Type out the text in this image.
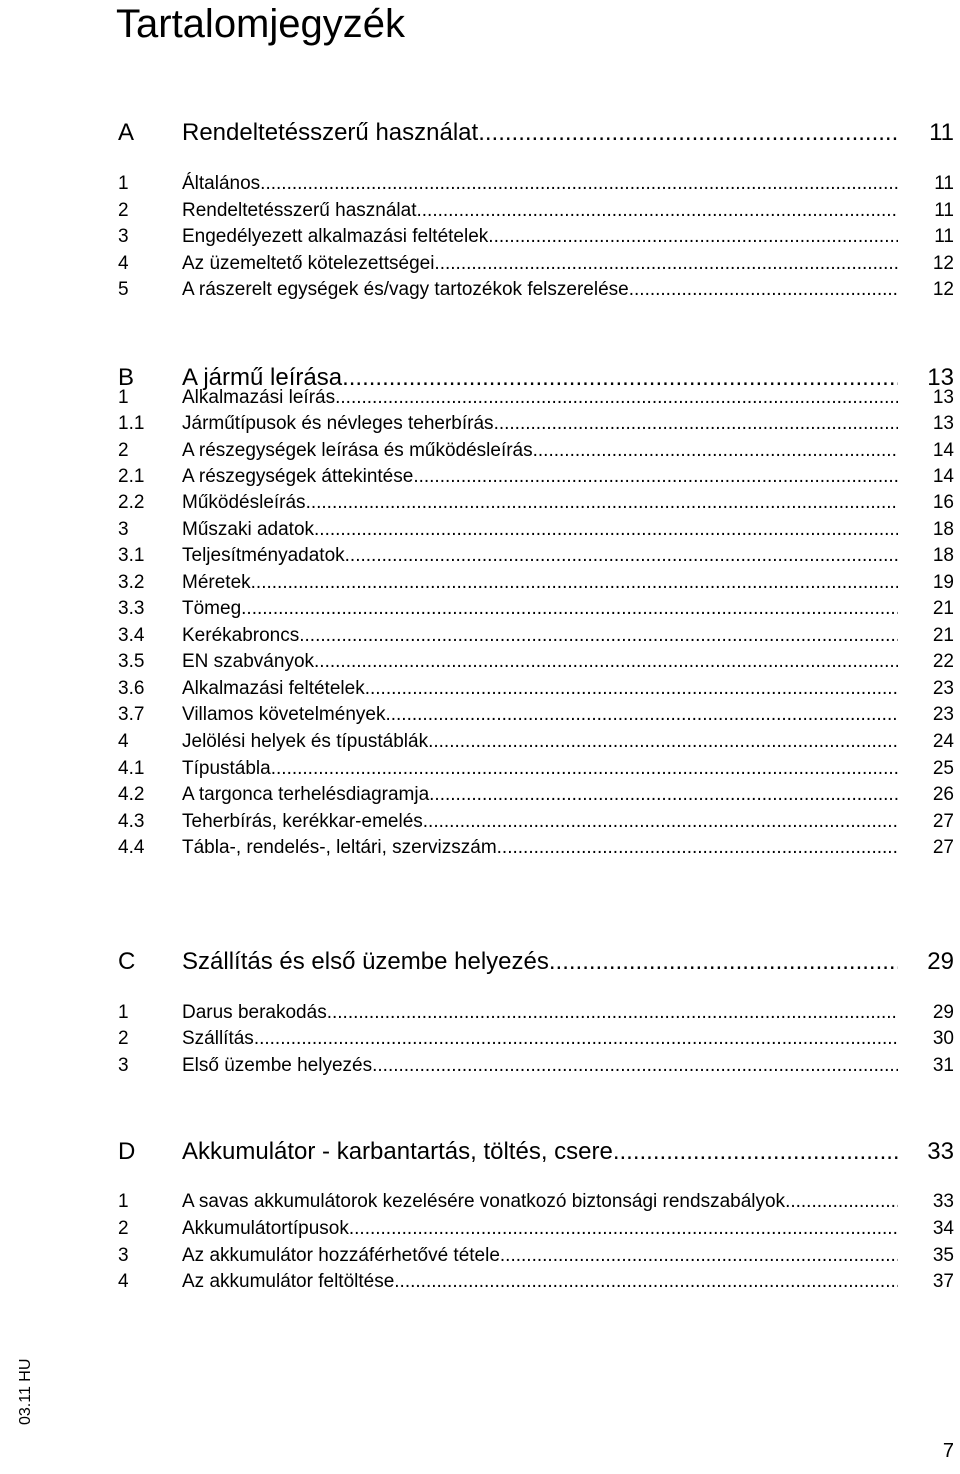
Tartalomjegyzék
A	Rendeltetésszerű használat .....	11
1	Általános .....	11
2	Rendeltetésszerű használat .....	11
3	Engedélyezett alkalmazási feltételek .....	11
4	Az üzemeltető kötelezettségei .....	12
5	A rászerelt egységek és/vagy tartozékok felszerelése .....	12
B	A jármű leírása .....	13
1	Alkalmazási leírás .....	13
1.1	Járműtípusok és névleges teherbírás .....	13
2	A részegységek leírása és működésleírás .....	14
2.1	A részegységek áttekintése .....	14
2.2	Működésleírás .....	16
3	Műszaki adatok .....	18
3.1	Teljesítményadatok .....	18
3.2	Méretek .....	19
3.3	Tömeg .....	21
3.4	Kerékabroncs .....	21
3.5	EN szabványok .....	22
3.6	Alkalmazási feltételek .....	23
3.7	Villamos követelmények .....	23
4	Jelölési helyek és típustáblák .....	24
4.1	Típustábla .....	25
4.2	A targonca terhelésdiagramja .....	26
4.3	Teherbírás, kerékkar-emelés .....	27
4.4	Tábla-, rendelés-, leltári, szervizszám .....	27
C	Szállítás és első üzembe helyezés .....	29
1	Darus berakodás .....	29
2	Szállítás .....	30
3	Első üzembe helyezés .....	31
D	Akkumulátor - karbantartás, töltés, csere .....	33
1	A savas akkumulátorok kezelésére vonatkozó biztonsági rendszabályok .....	33
2	Akkumulátortípusok .....	34
3	Az akkumulátor hozzáférhetővé tétele .....	35
4	Az akkumulátor feltöltése .....	37
03.11 HU
7
